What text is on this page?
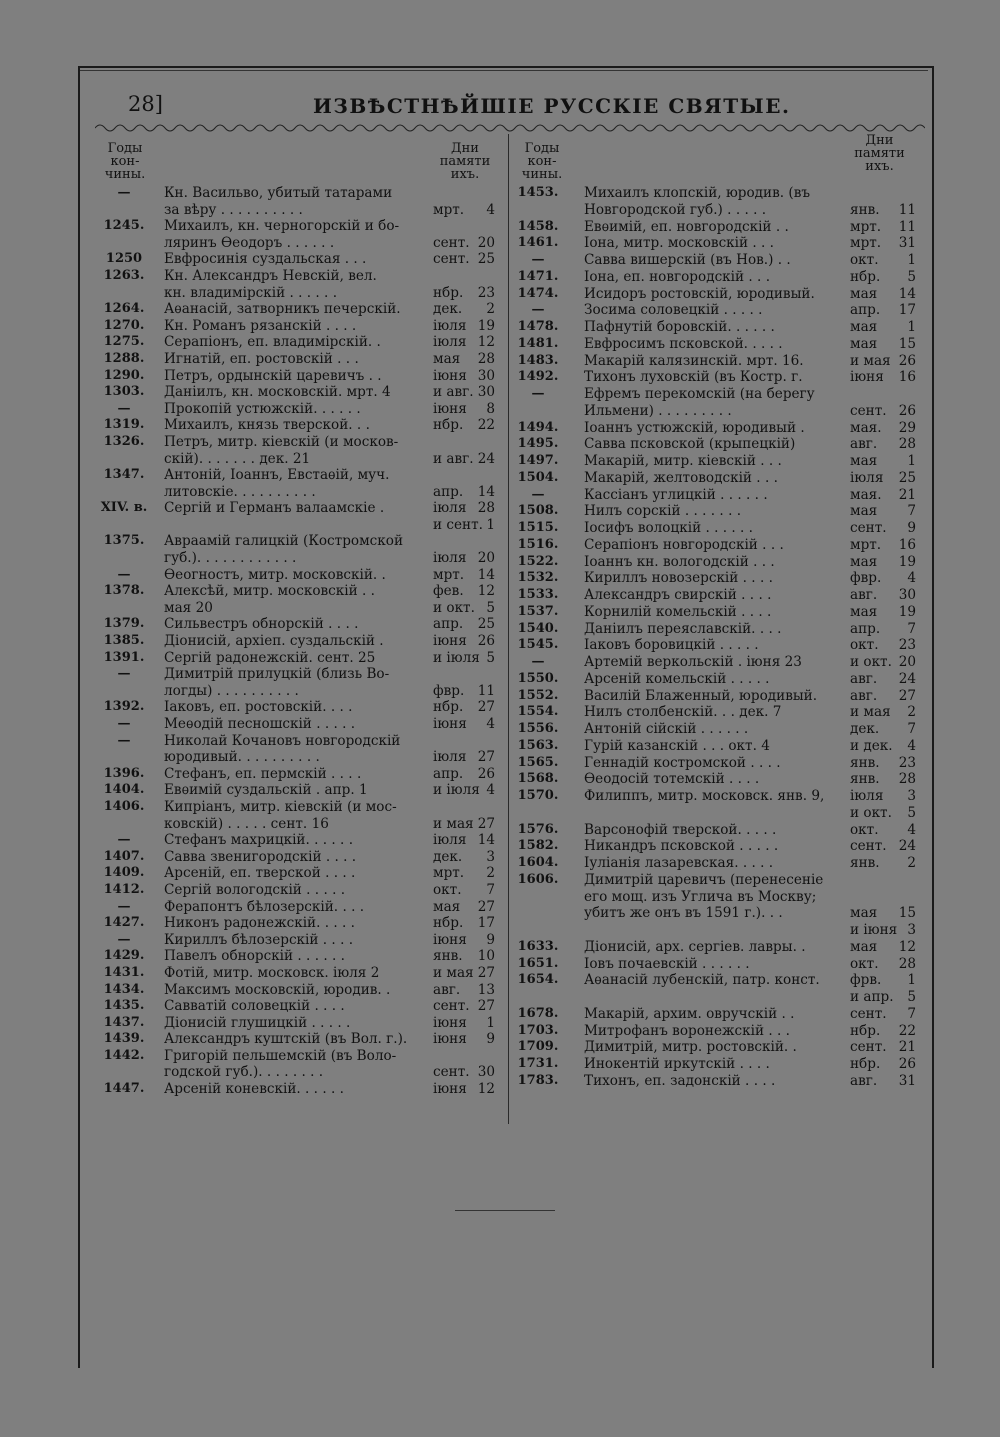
28]	ИЗВѢСТНѢЙШІЕ РУССКІЕ СВЯТЫЕ.
Годы
кон-
чины.
Дни
памяти
ихъ.
Годы
кон-
чины.
Дни
памяти
ихъ.
—	Кн. Васильво, убитый татарами
за вѣру . . . . . . . . . .	мрт.	4
1245.	Михаилъ, кн. черногорскій и бо-
ляринъ Ѳеодоръ . . . . . .	сент. 20
1250	Евфросинія суздальская . . .	сент. 25
1263.	Кн. Александръ Невскій, вел.
кн. владимірскій . . . . . .	нбр. 23
1264.	Аѳанасій, затворникъ печерскій. дек.	2
1270.	Кн. Романъ рязанскій . . . .	іюля 19
1275.	Серапіонъ, еп. владимірскій. .	іюля 12
1288.	Игнатій, еп. ростовскій . . .	мая 28
1290.	Петръ, ордынскій царевичъ . .	іюня 30
1303.	Даніилъ, кн. московскій. мрт. 4	и авг. 30
—	Прокопій устюжскій. . . . . .	іюня	8
1319.	Михаилъ, князь тверской. . .	нбр. 22
1326.	Петръ, митр. кіевскій (и москов-
скій). . . . . . . дек. 21	и авг. 24
1347.	Антоній, Іоаннъ, Евстаѳій, муч.
литовскіе. . . . . . . . . .	апр. 14
XIV. в.	Сергій и Германъ валаамскіе .	іюля 28
и сент. 1
1375.	Авраамій галицкій (Костромской
губ.). . . . . . . . . . . .	іюля 20
—	Ѳеогностъ, митр. московскій. .	мрт. 14
1378.	Алексѣй, митр. московскій . .	фев. 12
мая 20	и окт. 5
1379.	Сильвестръ обнорскій . . . .	апр. 25
1385.	Діонисій, архіеп. суздальскій .	іюня 26
1391.	Сергій радонежскій. сент. 25	и іюля 5
—	Димитрій прилуцкій (близь Во-
логды) . . . . . . . . . .	фвр. 11
1392.	Іаковъ, еп. ростовскій. . . .	нбр. 27
—	Меѳодій песношскій . . . . .	іюня	4
—	Николай Кочановъ новгородскій
юродивый. . . . . . . . . .	іюля 27
1396.	Стефанъ, еп. пермскій . . . .	апр. 26
1404.	Евѳимій суздальскій . апр. 1	и іюля 4
1406.	Кипріанъ, митр. кіевскій (и мос-
ковскій) . . . . . сент. 16	и мая 27
—	Стефанъ махрицкій. . . . . .	іюля 14
1407.	Савва звенигородскій . . . .	дек.	3
1409.	Арсеній, еп. тверской . . . .	мрт.	2
1412.	Сергій вологодскій . . . . .	окт.	7
—	Ферапонтъ бѣлозерскій. . . .	мая 27
1427.	Никонъ радонежскій. . . . .	нбр. 17
—	Кириллъ бѣлозерскій . . . .	іюня	9
1429.	Павелъ обнорскій . . . . . .	янв. 10
1431.	Фотій, митр. московск. іюля 2	и мая 27
1434.	Максимъ московскій, юродив. .	авг. 13
1435.	Савватій соловецкій . . . .	сент. 27
1437.	Діонисій глушицкій . . . . .	іюня	1
1439.	Александръ куштскій (въ Вол. г.). іюня	9
1442.	Григорій пельшемскій (въ Воло-
годской губ.). . . . . . . .	сент. 30
1447.	Арсеній коневскій. . . . . .	іюня 12
1453.	Михаилъ клопскій, юродив. (въ
Новгородской губ.) . . . . .	янв. 11
1458.	Евѳимій, еп. новгородскій . .	мрт. 11
1461.	Іона, митр. московскій . . .	мрт. 31
—	Савва вишерскій (въ Нов.) . .	окт.	1
1471.	Іона, еп. новгородскій . . .	нбр.	5
1474.	Исидоръ ростовскій, юродивый.	мая 14
—	Зосима соловецкій . . . . .	апр. 17
1478.	Пафнутій боровскій. . . . . .	мая	1
1481.	Евфросимъ псковской. . . . .	мая 15
1483.	Макарій калязинскій. мрт. 16.	и мая 26
1492.	Тихонъ луховскій (въ Костр. г.	іюня 16
—	Ефремъ перекомскій (на берегу
Ильмени) . . . . . . . . .	сент. 26
1494.	Іоаннъ устюжскій, юродивый .	мая. 29
1495.	Савва псковской (крыпецкій)	авг. 28
1497.	Макарій, митр. кіевскій . . .	мая	1
1504.	Макарій, желтоводскій . . .	іюля 25
—	Кассіанъ углицкій . . . . . .	мая. 21
1508.	Нилъ сорскій . . . . . . .	мая	7
1515.	Іосифъ волоцкій . . . . . .	сент.	9
1516.	Серапіонъ новгородскій . . .	мрт. 16
1522.	Іоаннъ кн. вологодскій . . .	мая 19
1532.	Кириллъ новозерскій . . . .	фвр.	4
1533.	Александръ свирскій . . . .	авг. 30
1537.	Корнилій комельскій . . . .	мая 19
1540.	Даніилъ переяславскій. . . .	апр.	7
1545.	Іаковъ боровицкій . . . . .	окт. 23
—	Артемій веркольскій . іюня 23	и окт. 20
1550.	Арсеній комельскій . . . . .	авг. 24
1552.	Василій Блаженный, юродивый. авг. 27
1554.	Нилъ столбенскій. . . дек. 7	и мая	2
1556.	Антоній сійскій . . . . . .	дек.	7
1563.	Гурій казанскій . . . окт. 4	и дек.	4
1565.	Геннадій костромской . . . .	янв. 23
1568.	Ѳеодосій тотемскій . . . .	янв. 28
1570.	Филиппъ, митр. московск. янв. 9, іюля	3
и окт.	5
1576.	Варсонофій тверской. . . . .	окт.	4
1582.	Никандръ псковской . . . . .	сент. 24
1604.	Іуліанія лазаревская. . . . .	янв.	2
1606.	Димитрій царевичъ (перенесеніе
его мощ. изъ Углича въ Москву;
убитъ же онъ въ 1591 г.). . .	мая 15
и іюня 3
1633.	Діонисій, арх. сергіев. лавры. .	мая 12
1651.	Іовъ почаевскій . . . . . .	окт. 28
1654.	Аѳанасій лубенскій, патр. конст. фрв.	1
и апр.	5
1678.	Макарій, архим. овручскій . .	сент.	7
1703.	Митрофанъ воронежскій . . .	нбр. 22
1709.	Димитрій, митр. ростовскій. .	сент. 21
1731.	Инокентій иркутскій . . . .	нбр. 26
1783.	Тихонъ, еп. задонскій . . . .	авг. 31
